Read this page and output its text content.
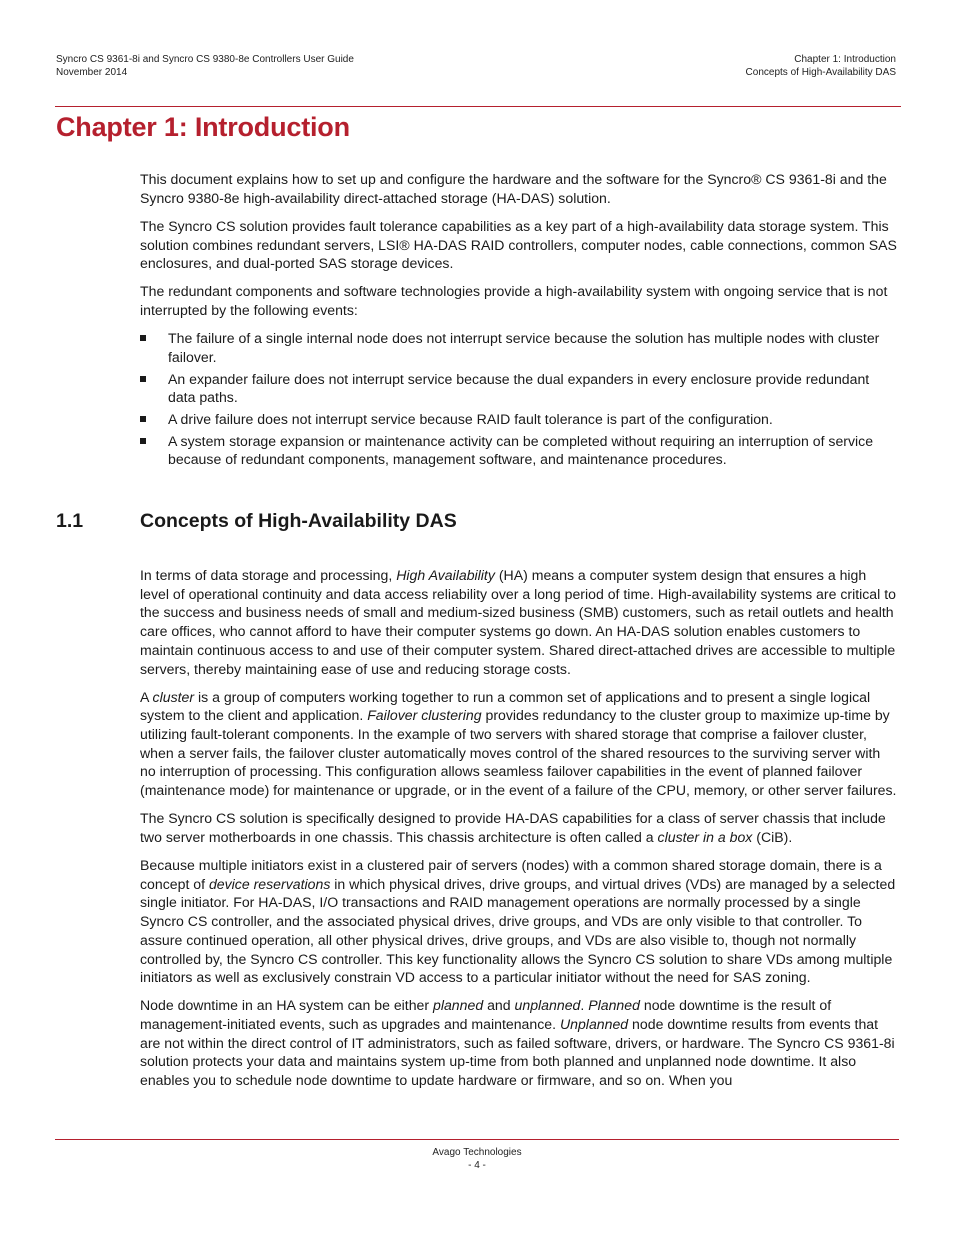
Syncro CS 9361-8i and Syncro CS 9380-8e Controllers User Guide
November 2014
Chapter 1: Introduction
Concepts of High-Availability DAS
Chapter 1: Introduction

This document explains how to set up and configure the hardware and the software for the Syncro® CS 9361-8i and the Syncro 9380-8e high-availability direct-attached storage (HA-DAS) solution.

The Syncro CS solution provides fault tolerance capabilities as a key part of a high-availability data storage system. This solution combines redundant servers, LSI® HA-DAS RAID controllers, computer nodes, cable connections, common SAS enclosures, and dual-ported SAS storage devices.

The redundant components and software technologies provide a high-availability system with ongoing service that is not interrupted by the following events:

The failure of a single internal node does not interrupt service because the solution has multiple nodes with cluster failover.
An expander failure does not interrupt service because the dual expanders in every enclosure provide redundant data paths.
A drive failure does not interrupt service because RAID fault tolerance is part of the configuration.
A system storage expansion or maintenance activity can be completed without requiring an interruption of service because of redundant components, management software, and maintenance procedures.
1.1	Concepts of High-Availability DAS

In terms of data storage and processing, High Availability (HA) means a computer system design that ensures a high level of operational continuity and data access reliability over a long period of time. High-availability systems are critical to the success and business needs of small and medium-sized business (SMB) customers, such as retail outlets and health care offices, who cannot afford to have their computer systems go down. An HA-DAS solution enables customers to maintain continuous access to and use of their computer system. Shared direct-attached drives are accessible to multiple servers, thereby maintaining ease of use and reducing storage costs.

A cluster is a group of computers working together to run a common set of applications and to present a single logical system to the client and application. Failover clustering provides redundancy to the cluster group to maximize up-time by utilizing fault-tolerant components. In the example of two servers with shared storage that comprise a failover cluster, when a server fails, the failover cluster automatically moves control of the shared resources to the surviving server with no interruption of processing. This configuration allows seamless failover capabilities in the event of planned failover (maintenance mode) for maintenance or upgrade, or in the event of a failure of the CPU, memory, or other server failures.

The Syncro CS solution is specifically designed to provide HA-DAS capabilities for a class of server chassis that include two server motherboards in one chassis. This chassis architecture is often called a cluster in a box (CiB).

Because multiple initiators exist in a clustered pair of servers (nodes) with a common shared storage domain, there is a concept of device reservations in which physical drives, drive groups, and virtual drives (VDs) are managed by a selected single initiator. For HA-DAS, I/O transactions and RAID management operations are normally processed by a single Syncro CS controller, and the associated physical drives, drive groups, and VDs are only visible to that controller. To assure continued operation, all other physical drives, drive groups, and VDs are also visible to, though not normally controlled by, the Syncro CS controller. This key functionality allows the Syncro CS solution to share VDs among multiple initiators as well as exclusively constrain VD access to a particular initiator without the need for SAS zoning.

Node downtime in an HA system can be either planned and unplanned. Planned node downtime is the result of management-initiated events, such as upgrades and maintenance. Unplanned node downtime results from events that are not within the direct control of IT administrators, such as failed software, drivers, or hardware. The Syncro CS 9361-8i solution protects your data and maintains system up-time from both planned and unplanned node downtime. It also enables you to schedule node downtime to update hardware or firmware, and so on. When you

Avago Technologies
- 4 -
